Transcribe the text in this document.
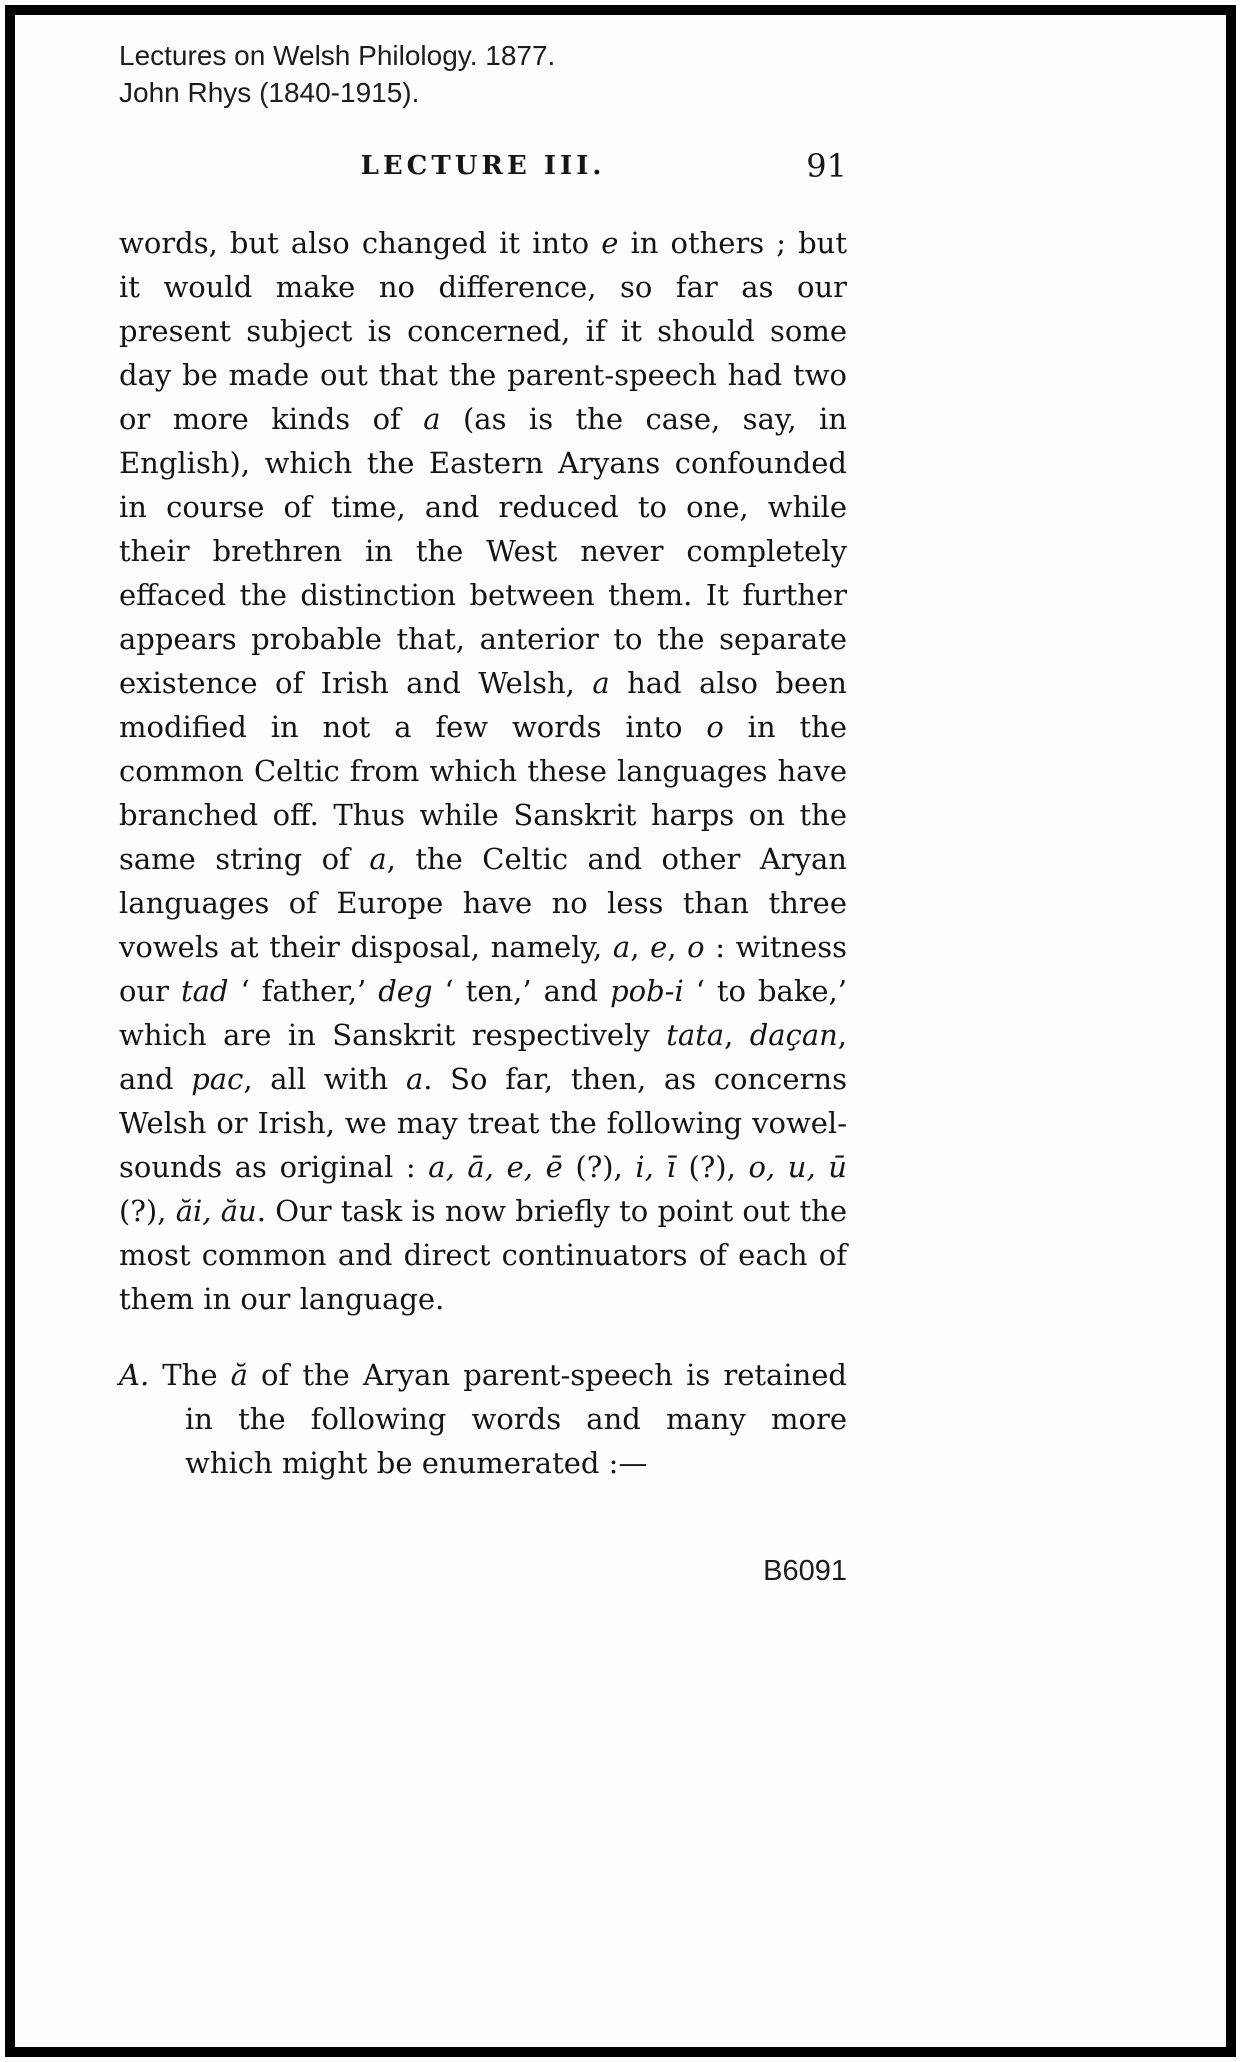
Lectures on Welsh Philology. 1877.
John Rhys (1840-1915).
LECTURE III.	91

words, but also changed it into e in others ; but it would make no difference, so far as our present subject is concerned, if it should some day be made out that the parent-speech had two or more kinds of a (as is the case, say, in English), which the Eastern Aryans confounded in course of time, and reduced to one, while their brethren in the West never completely effaced the distinction between them. It further appears probable that, anterior to the separate existence of Irish and Welsh, a had also been modified in not a few words into o in the common Celtic from which these languages have branched off. Thus while Sanskrit harps on the same string of a, the Celtic and other Aryan languages of Europe have no less than three vowels at their disposal, namely, a, e, o : witness our tad ‘ father,’ deg ‘ ten,’ and pob-i ‘ to bake,’ which are in Sanskrit respectively tata, daçan, and pac, all with a. So far, then, as concerns Welsh or Irish, we may treat the following vowel-sounds as original : a, ā, e, ē (?), i, ī (?), o, u, ū (?), ăi, ău. Our task is now briefly to point out the most common and direct continuators of each of them in our language.

A. The ă of the Aryan parent-speech is retained in the following words and many more which might be enumerated :—

B6091
